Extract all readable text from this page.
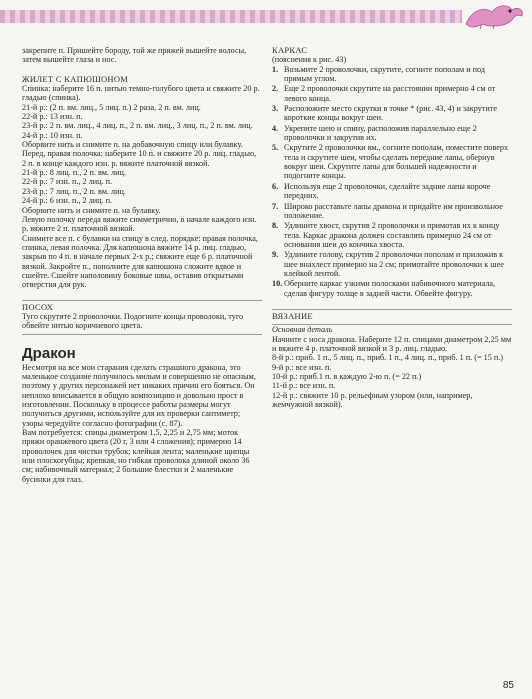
закрепите п. Пришейте бороду, той же пряжей вышейте волосы, затем вышейте глаза и нос.

ЖИЛЕТ С КАПЮШОНОМ

Спинка: наберите 16 п. нитью темно-голубого цвета и свяжите 20 р. гладью (спинка).

21-й р.: (2 п. вм. лиц., 5 лиц. п.) 2 раза, 2 п. вм. лиц.

22-й р.: 13 изн. п.

23-й р.: 2 п. вм. лиц., 4 лиц. п., 2 п. вм. лиц., 3 лиц. п., 2 п. вм. лиц.

24-й р.: 10 изн. п.

Оборвите нить и снимите п. на добавочную спицу или булавку. Перед, правая полочка: наберите 10 п. и свяжите 20 р. лиц. гладью, 2 п. в конце каждого изн. р. вяжите платочной вязкой.

21-й р.: 8 лиц. п., 2 п. вм. лиц.

22-й р.: 7 изн. п., 2 лиц. п.

23-й р.: 7 лиц. п., 2 п. вм. лиц.

24-й р.: 6 изн. п., 2 лиц. п.

Оборвите нить и снимите п. на булавку.

Левую полочку переда вяжите симметрично, в начале каждого изн. р. вяжите 2 п. платочной вязкой.

Снимите все п. с булавки на спицу в след. порядке: правая полочка, спинка, левая полочка. Для капюшона вяжите 14 р. лиц. гладью, закрыв по 4 п. в начале первых 2-х р.; свяжите еще 6 р. платочной вязкой. Закройте п., пополните для капюшона сложите вдвое и сшейте. Сшейте наполовину боковые швы, оставив открытыми отверстия для рук.

ПОСОХ

Туго скрутите 2 проволочки. Подогните концы проволоки, туго обвейте нитью коричневого цвета.

Дракон

Несмотря на все мои старания сделать страшного дракона, это маленькое создание получилось милым и совершенно не опасным, поэтому у других персонажей нет никаких причин его бояться. Он неплохо вписывается в общую композицию и довольно прост в изготовлении. Поскольку в процессе работы размеры могут получиться другими, используйте для их проверки сантиметр; узоры чередуйте согласно фотографии (с. 87).

Вам потребуется: спицы диаметром 1,5, 2,25 и 2,75 мм; моток пряжи оранжевого цвета (20 г, 3 или 4 сложения); примерно 14 проволочек для чистки трубок; клейкая лента; маленькие щипцы или плоскогубцы; крепкая, но гибкая проволока длиной около 36 см; набивочный материал; 2 большие блестки и 2 маленькие бусинки для глаз.

КАРКАС

(пояснения к рис. 43)

1. Возьмите 2 проволочки, скрутите, согните пополам и под прямым углом.
2. Еще 2 проволочки скрутите на расстоянии примерно 4 см от левого конца.
3. Расположите место скрутки в точке * (рис. 43, 4) и закрутите короткие концы вокруг шеи.
4. Укрепите шею и спину, расположив параллельно еще 2 проволочки и закрутив их.
5. Скрутите 2 проволочки вм., согните пополам, поместите поверх тела и скрутите шеи, чтобы сделать передние лапы, обернув вокруг шеи. Скрутите лапы для большей надежности и подогните концы.
6. Используя еще 2 проволочки, сделайте задние лапы короче передних.
7. Широко расставьте лапы дракона и придайте им произвольное положение.
8. Удлините хвост, скрутив 2 проволочки и примотав их к концу тела. Каркас дракона должен составлять примерно 24 см от основания шеи до кончика хвоста.
9. Удлините голову, скрутив 2 проволочки пополам и приложив к шее внахлест примерно на 2 см; примотайте проволочки к шее клейкой лентой.
10. Оберните каркас узкими полосками набивочного материала, сделав фигуру толще в задней части. Обвейте фигуру.

ВЯЗАНИЕ

Основная деталь

Начните с носа дракона. Наберите 12 п. спицами диаметром 2,25 мм и вяжите 4 р. платочной вязкой и 3 р. лиц. гладью.

8-й р.: приб. 1 п., 5 лиц. п., приб. 1 п., 4 лиц. п., приб. 1 п. (= 15 п.)

9-й р.: все изн. п.

10-й р.: приб.1 п. в каждую 2-ю п. (= 22 п.)

11-й р.: все изн. п.

12-й р.: свяжите 10 р. рельефным узором (или, например, жемчужной вязкой).

85
